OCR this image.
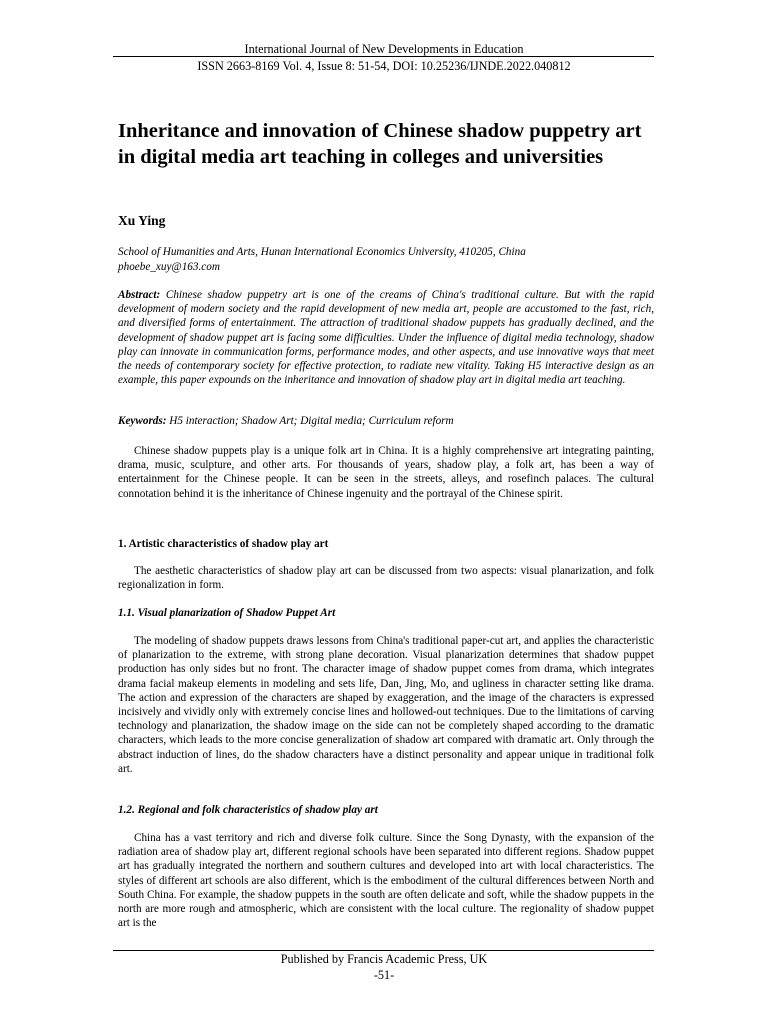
International Journal of New Developments in Education
ISSN 2663-8169 Vol. 4, Issue 8: 51-54, DOI: 10.25236/IJNDE.2022.040812
Inheritance and innovation of Chinese shadow puppetry art in digital media art teaching in colleges and universities
Xu Ying
School of Humanities and Arts, Hunan International Economics University, 410205, China
phoebe_xuy@163.com

Abstract: Chinese shadow puppetry art is one of the creams of China's traditional culture. But with the rapid development of modern society and the rapid development of new media art, people are accustomed to the fast, rich, and diversified forms of entertainment. The attraction of traditional shadow puppets has gradually declined, and the development of shadow puppet art is facing some difficulties. Under the influence of digital media technology, shadow play can innovate in communication forms, performance modes, and other aspects, and use innovative ways that meet the needs of contemporary society for effective protection, to radiate new vitality. Taking H5 interactive design as an example, this paper expounds on the inheritance and innovation of shadow play art in digital media art teaching.

Keywords: H5 interaction; Shadow Art; Digital media; Curriculum reform

Chinese shadow puppets play is a unique folk art in China. It is a highly comprehensive art integrating painting, drama, music, sculpture, and other arts. For thousands of years, shadow play, a folk art, has been a way of entertainment for the Chinese people. It can be seen in the streets, alleys, and rosefinch palaces. The cultural connotation behind it is the inheritance of Chinese ingenuity and the portrayal of the Chinese spirit.

1. Artistic characteristics of shadow play art

The aesthetic characteristics of shadow play art can be discussed from two aspects: visual planarization, and folk regionalization in form.

1.1. Visual planarization of Shadow Puppet Art

The modeling of shadow puppets draws lessons from China's traditional paper-cut art, and applies the characteristic of planarization to the extreme, with strong plane decoration. Visual planarization determines that shadow puppet production has only sides but no front. The character image of shadow puppet comes from drama, which integrates drama facial makeup elements in modeling and sets life, Dan, Jing, Mo, and ugliness in character setting like drama. The action and expression of the characters are shaped by exaggeration, and the image of the characters is expressed incisively and vividly only with extremely concise lines and hollowed-out techniques. Due to the limitations of carving technology and planarization, the shadow image on the side can not be completely shaped according to the dramatic characters, which leads to the more concise generalization of shadow art compared with dramatic art. Only through the abstract induction of lines, do the shadow characters have a distinct personality and appear unique in traditional folk art.

1.2. Regional and folk characteristics of shadow play art

China has a vast territory and rich and diverse folk culture. Since the Song Dynasty, with the expansion of the radiation area of shadow play art, different regional schools have been separated into different regions. Shadow puppet art has gradually integrated the northern and southern cultures and developed into art with local characteristics. The styles of different art schools are also different, which is the embodiment of the cultural differences between North and South China. For example, the shadow puppets in the south are often delicate and soft, while the shadow puppets in the north are more rough and atmospheric, which are consistent with the local culture. The regionality of shadow puppet art is the

Published by Francis Academic Press, UK
-51-
